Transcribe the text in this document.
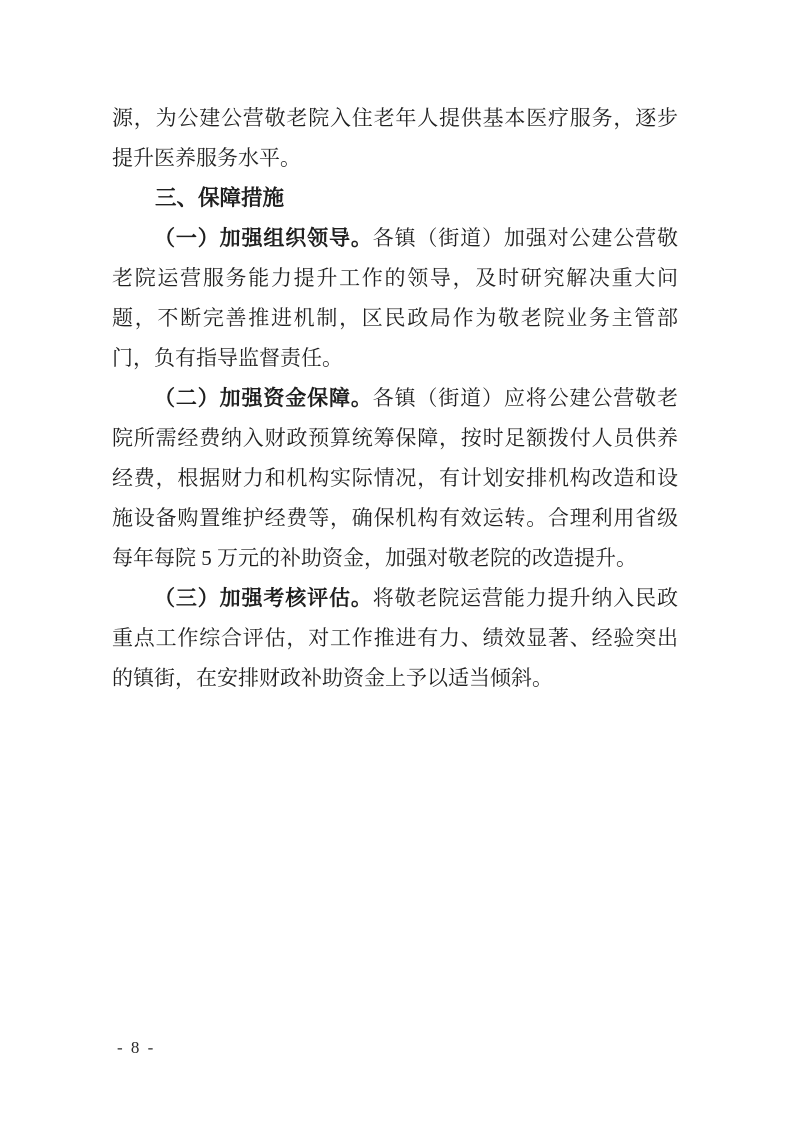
源，为公建公营敬老院入住老年人提供基本医疗服务，逐步提升医养服务水平。

三、保障措施

（一）加强组织领导。各镇（街道）加强对公建公营敬老院运营服务能力提升工作的领导，及时研究解决重大问题，不断完善推进机制，区民政局作为敬老院业务主管部门，负有指导监督责任。

（二）加强资金保障。各镇（街道）应将公建公营敬老院所需经费纳入财政预算统筹保障，按时足额拨付人员供养经费，根据财力和机构实际情况，有计划安排机构改造和设施设备购置维护经费等，确保机构有效运转。合理利用省级每年每院 5 万元的补助资金，加强对敬老院的改造提升。

（三）加强考核评估。将敬老院运营能力提升纳入民政重点工作综合评估，对工作推进有力、绩效显著、经验突出的镇街，在安排财政补助资金上予以适当倾斜。

- 8 -
